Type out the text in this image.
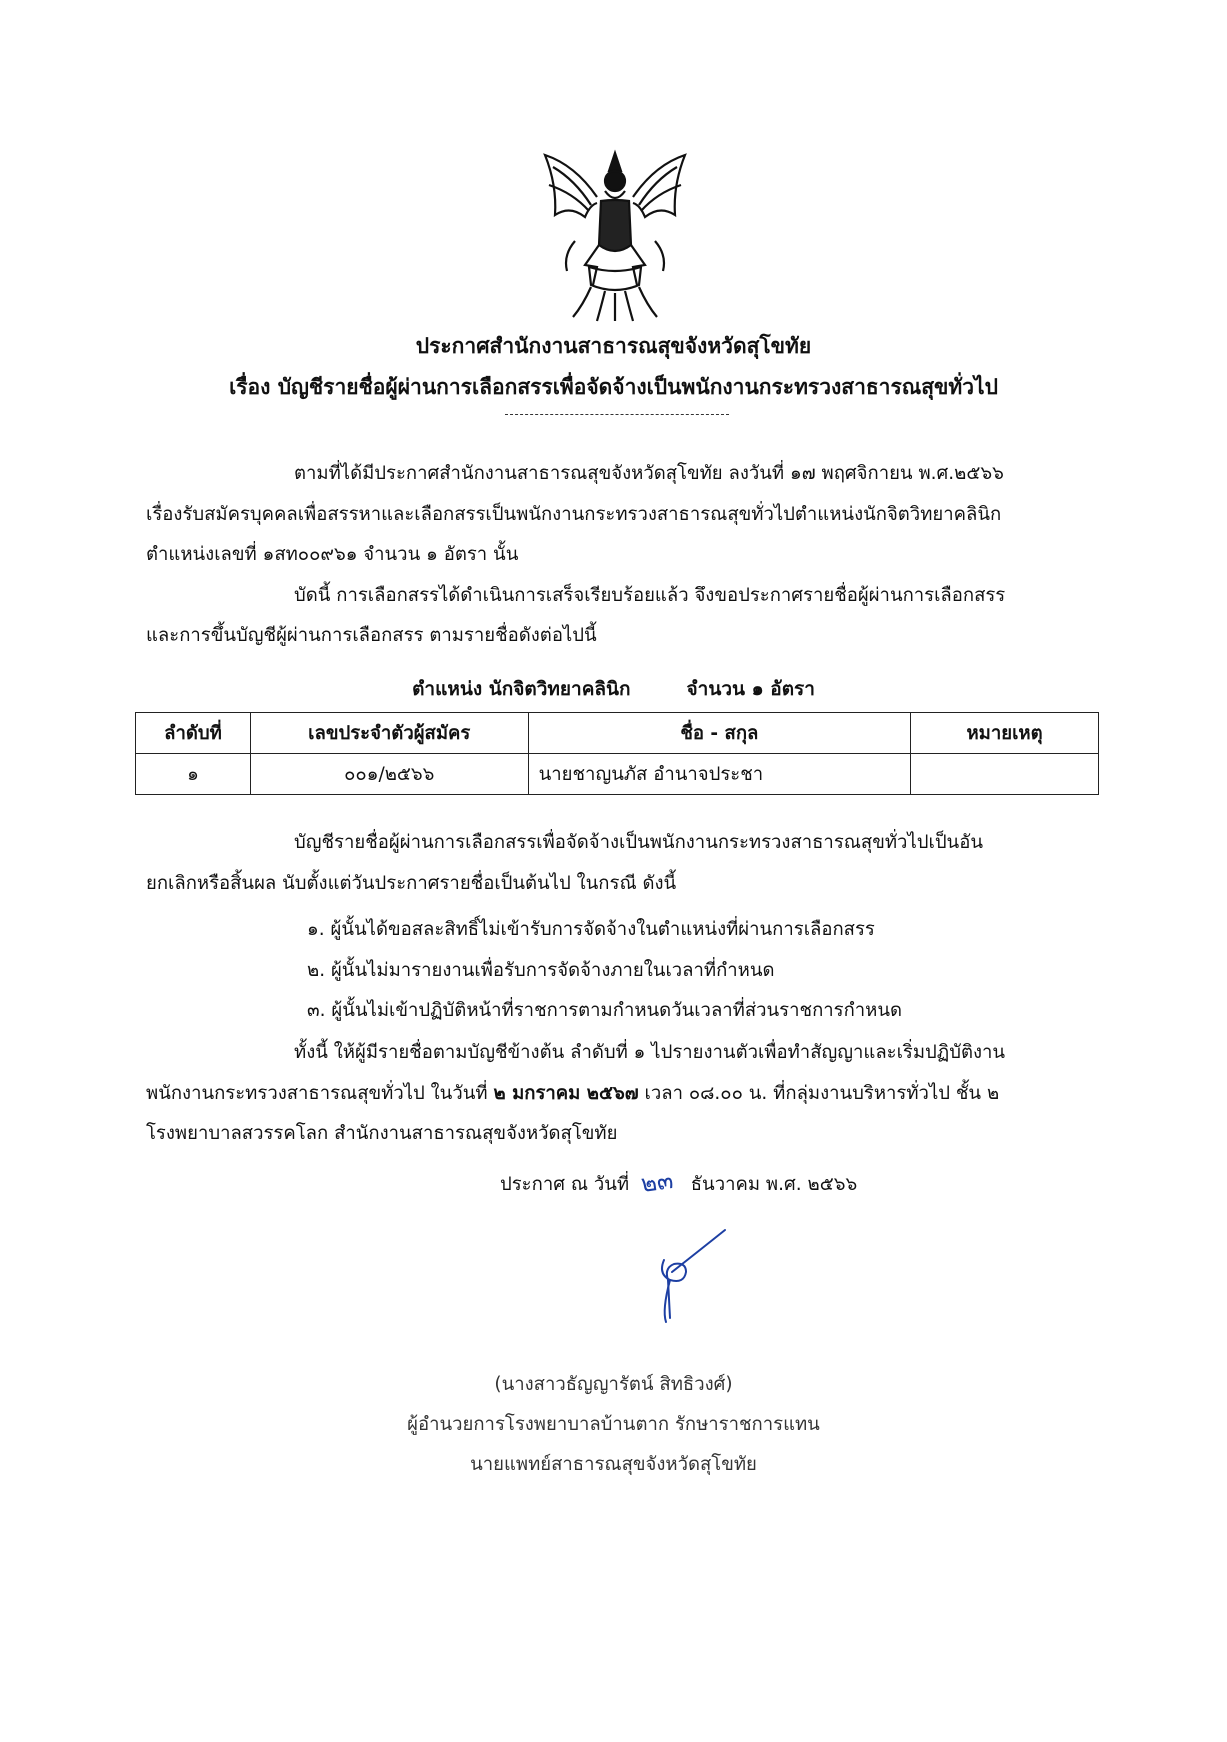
ประกาศสำนักงานสาธารณสุขจังหวัดสุโขทัย
เรื่อง บัญชีรายชื่อผู้ผ่านการเลือกสรรเพื่อจัดจ้างเป็นพนักงานกระทรวงสาธารณสุขทั่วไป
ตามที่ได้มีประกาศสำนักงานสาธารณสุขจังหวัดสุโขทัย ลงวันที่ ๑๗ พฤศจิกายน พ.ศ.๒๕๖๖
เรื่องรับสมัครบุคคลเพื่อสรรหาและเลือกสรรเป็นพนักงานกระทรวงสาธารณสุขทั่วไปตำแหน่งนักจิตวิทยาคลินิก
ตำแหน่งเลขที่ ๑สท๐๐๙๖๑ จำนวน ๑ อัตรา นั้น
บัดนี้ การเลือกสรรได้ดำเนินการเสร็จเรียบร้อยแล้ว จึงขอประกาศรายชื่อผู้ผ่านการเลือกสรร
และการขึ้นบัญชีผู้ผ่านการเลือกสรร ตามรายชื่อดังต่อไปนี้
ตำแหน่ง นักจิตวิทยาคลินิก	จำนวน ๑ อัตรา
ลำดับที่	เลขประจำตัวผู้สมัคร	ชื่อ - สกุล	หมายเหตุ
๑	๐๐๑/๒๕๖๖	นายชาญนภัส อำนาจประชา	
บัญชีรายชื่อผู้ผ่านการเลือกสรรเพื่อจัดจ้างเป็นพนักงานกระทรวงสาธารณสุขทั่วไปเป็นอัน
ยกเลิกหรือสิ้นผล นับตั้งแต่วันประกาศรายชื่อเป็นต้นไป ในกรณี ดังนี้
๑. ผู้นั้นได้ขอสละสิทธิ์ไม่เข้ารับการจัดจ้างในตำแหน่งที่ผ่านการเลือกสรร
๒. ผู้นั้นไม่มารายงานเพื่อรับการจัดจ้างภายในเวลาที่กำหนด
๓. ผู้นั้นไม่เข้าปฏิบัติหน้าที่ราชการตามกำหนดวันเวลาที่ส่วนราชการกำหนด
ทั้งนี้ ให้ผู้มีรายชื่อตามบัญชีข้างต้น ลำดับที่ ๑ ไปรายงานตัวเพื่อทำสัญญาและเริ่มปฏิบัติงาน
พนักงานกระทรวงสาธารณสุขทั่วไป ในวันที่ ๒ มกราคม ๒๕๖๗ เวลา ๐๘.๐๐ น. ที่กลุ่มงานบริหารทั่วไป ชั้น ๒
โรงพยาบาลสวรรคโลก สำนักงานสาธารณสุขจังหวัดสุโขทัย
ประกาศ ณ วันที่ ๒๓ ธันวาคม พ.ศ. ๒๕๖๖
(นางสาวธัญญารัตน์ สิทธิวงศ์)
ผู้อำนวยการโรงพยาบาลบ้านตาก รักษาราชการแทน
นายแพทย์สาธารณสุขจังหวัดสุโขทัย
